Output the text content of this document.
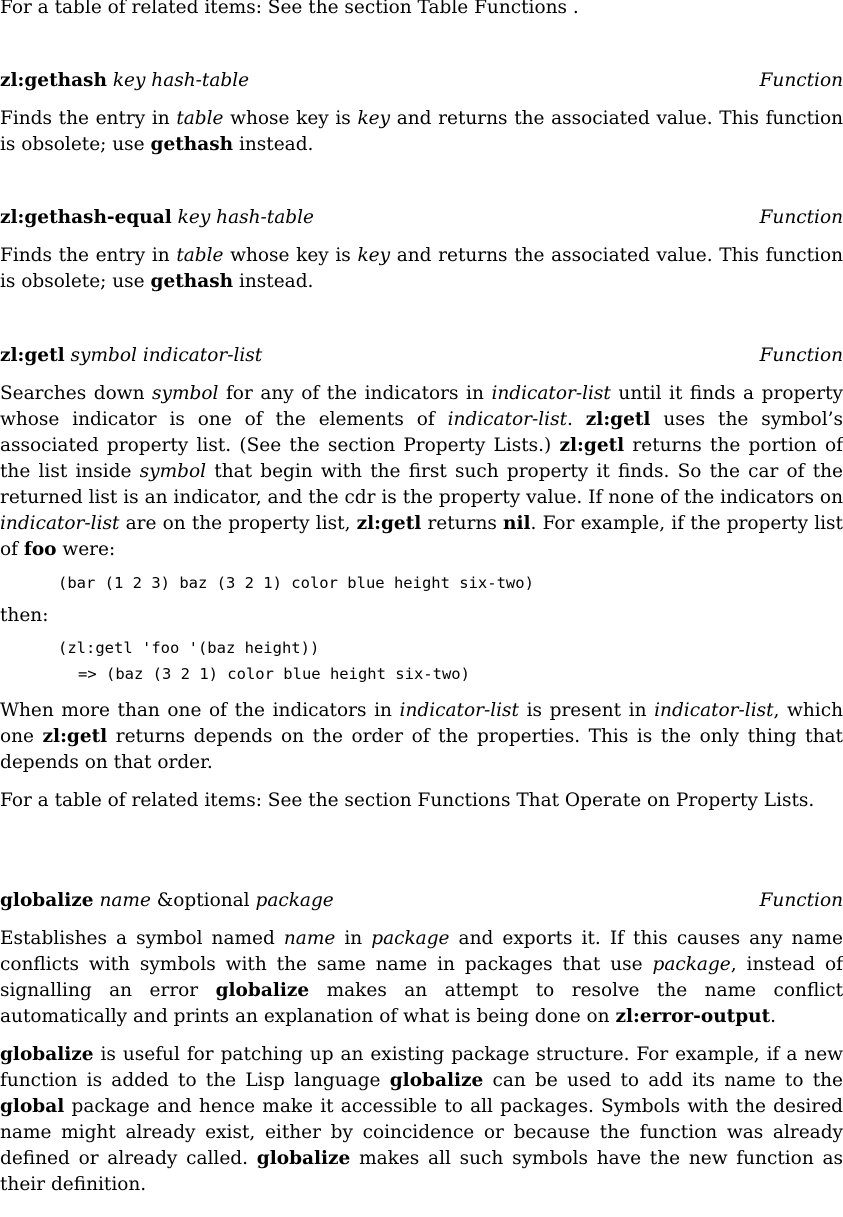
For a table of related items: See the section Table Functions .

zl:gethash key hash-table	Function

Finds the entry in table whose key is key and returns the associated value. This function is obsolete; use gethash instead.

zl:gethash-equal key hash-table	Function

Finds the entry in table whose key is key and returns the associated value. This function is obsolete; use gethash instead.

zl:getl symbol indicator-list	Function

Searches down symbol for any of the indicators in indicator-list until it finds a property whose indicator is one of the elements of indicator-list. zl:getl uses the symbol’s associated property list. (See the section Property Lists.) zl:getl returns the portion of the list inside symbol that begin with the first such property it finds. So the car of the returned list is an indicator, and the cdr is the property value. If none of the indicators on indicator-list are on the property list, zl:getl returns nil. For example, if the property list of foo were:

(bar (1 2 3) baz (3 2 1) color blue height six-two)

then:

(zl:getl 'foo '(baz height))
=> (baz (3 2 1) color blue height six-two)

When more than one of the indicators in indicator-list is present in indicator-list, which one zl:getl returns depends on the order of the properties. This is the only thing that depends on that order.

For a table of related items: See the section Functions That Operate on Property Lists.

globalize name &optional package	Function

Establishes a symbol named name in package and exports it. If this causes any name conflicts with symbols with the same name in packages that use package, instead of signalling an error globalize makes an attempt to resolve the name conflict automatically and prints an explanation of what is being done on zl:error-output.

globalize is useful for patching up an existing package structure. For example, if a new function is added to the Lisp language globalize can be used to add its name to the global package and hence make it accessible to all packages. Symbols with the desired name might already exist, either by coincidence or because the function was already defined or already called. globalize makes all such symbols have the new function as their definition.
